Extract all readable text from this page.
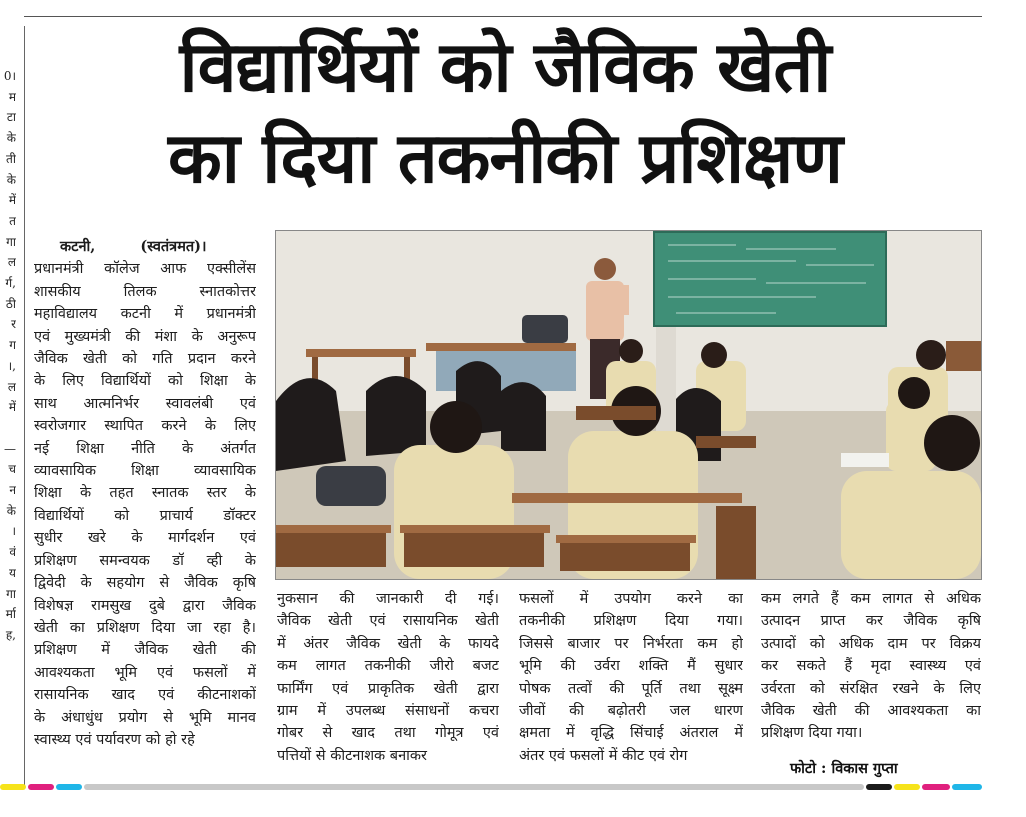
0।
म
टा
के
ती
के
में
त
गा
ल
र्ग,
ठी
र
ग
।,
ल
में

—
च
न
के
।
वं
य
गा
र्मा
ह,
विद्यार्थियों को जैविक खेती
का दिया तकनीकी प्रशिक्षण
कटनी,	(स्वतंत्रमत)।
प्रधानमंत्री कॉलेज आफ एक्सीलेंस
शासकीय तिलक स्नातकोत्तर
महाविद्यालय कटनी में प्रधानमंत्री
एवं मुख्यमंत्री की मंशा के अनुरूप
जैविक खेती को गति प्रदान करने
के लिए विद्यार्थियों को शिक्षा के
साथ आत्मनिर्भर स्वावलंबी एवं
स्वरोजगार स्थापित करने के लिए
नई शिक्षा नीति के अंतर्गत
व्यावसायिक शिक्षा व्यावसायिक
शिक्षा के तहत स्नातक स्तर के
विद्यार्थियों को प्राचार्य डॉक्टर
सुधीर खरे के मार्गदर्शन एवं
प्रशिक्षण समन्वयक डॉ व्ही के
द्विवेदी के सहयोग से जैविक कृषि
विशेषज्ञ रामसुख दुबे द्वारा जैविक
खेती का प्रशिक्षण दिया जा रहा है।
प्रशिक्षण में जैविक खेती की
आवश्यकता भूमि एवं फसलों में
रासायनिक खाद एवं कीटनाशकों
के अंधाधुंध प्रयोग से भूमि मानव
स्वास्थ्य एवं पर्यावरण को हो रहे
नुकसान की जानकारी दी गई।
जैविक खेती एवं रासायनिक खेती
में अंतर जैविक खेती के फायदे
कम लागत तकनीकी जीरो बजट
फार्मिंग एवं प्राकृतिक खेती द्वारा
ग्राम में उपलब्ध संसाधनों कचरा
गोबर से खाद तथा गोमूत्र एवं
पत्तियों से कीटनाशक बनाकर
फसलों में उपयोग करने का
तकनीकी प्रशिक्षण दिया गया।
जिससे बाजार पर निर्भरता कम हो
भूमि की उर्वरा शक्ति मैं सुधार
पोषक तत्वों की पूर्ति तथा सूक्ष्म
जीवों की बढ़ोतरी जल धारण
क्षमता में वृद्धि सिंचाई अंतराल में
अंतर एवं फसलों में कीट एवं रोग
कम लगते हैं कम लागत से अधिक
उत्पादन प्राप्त कर जैविक कृषि
उत्पादों को अधिक दाम पर विक्रय
कर सकते हैं मृदा स्वास्थ्य एवं
उर्वरता को संरक्षित रखने के लिए
जैविक खेती की आवश्यकता का
प्रशिक्षण दिया गया।
फोटो : विकास गुप्ता
